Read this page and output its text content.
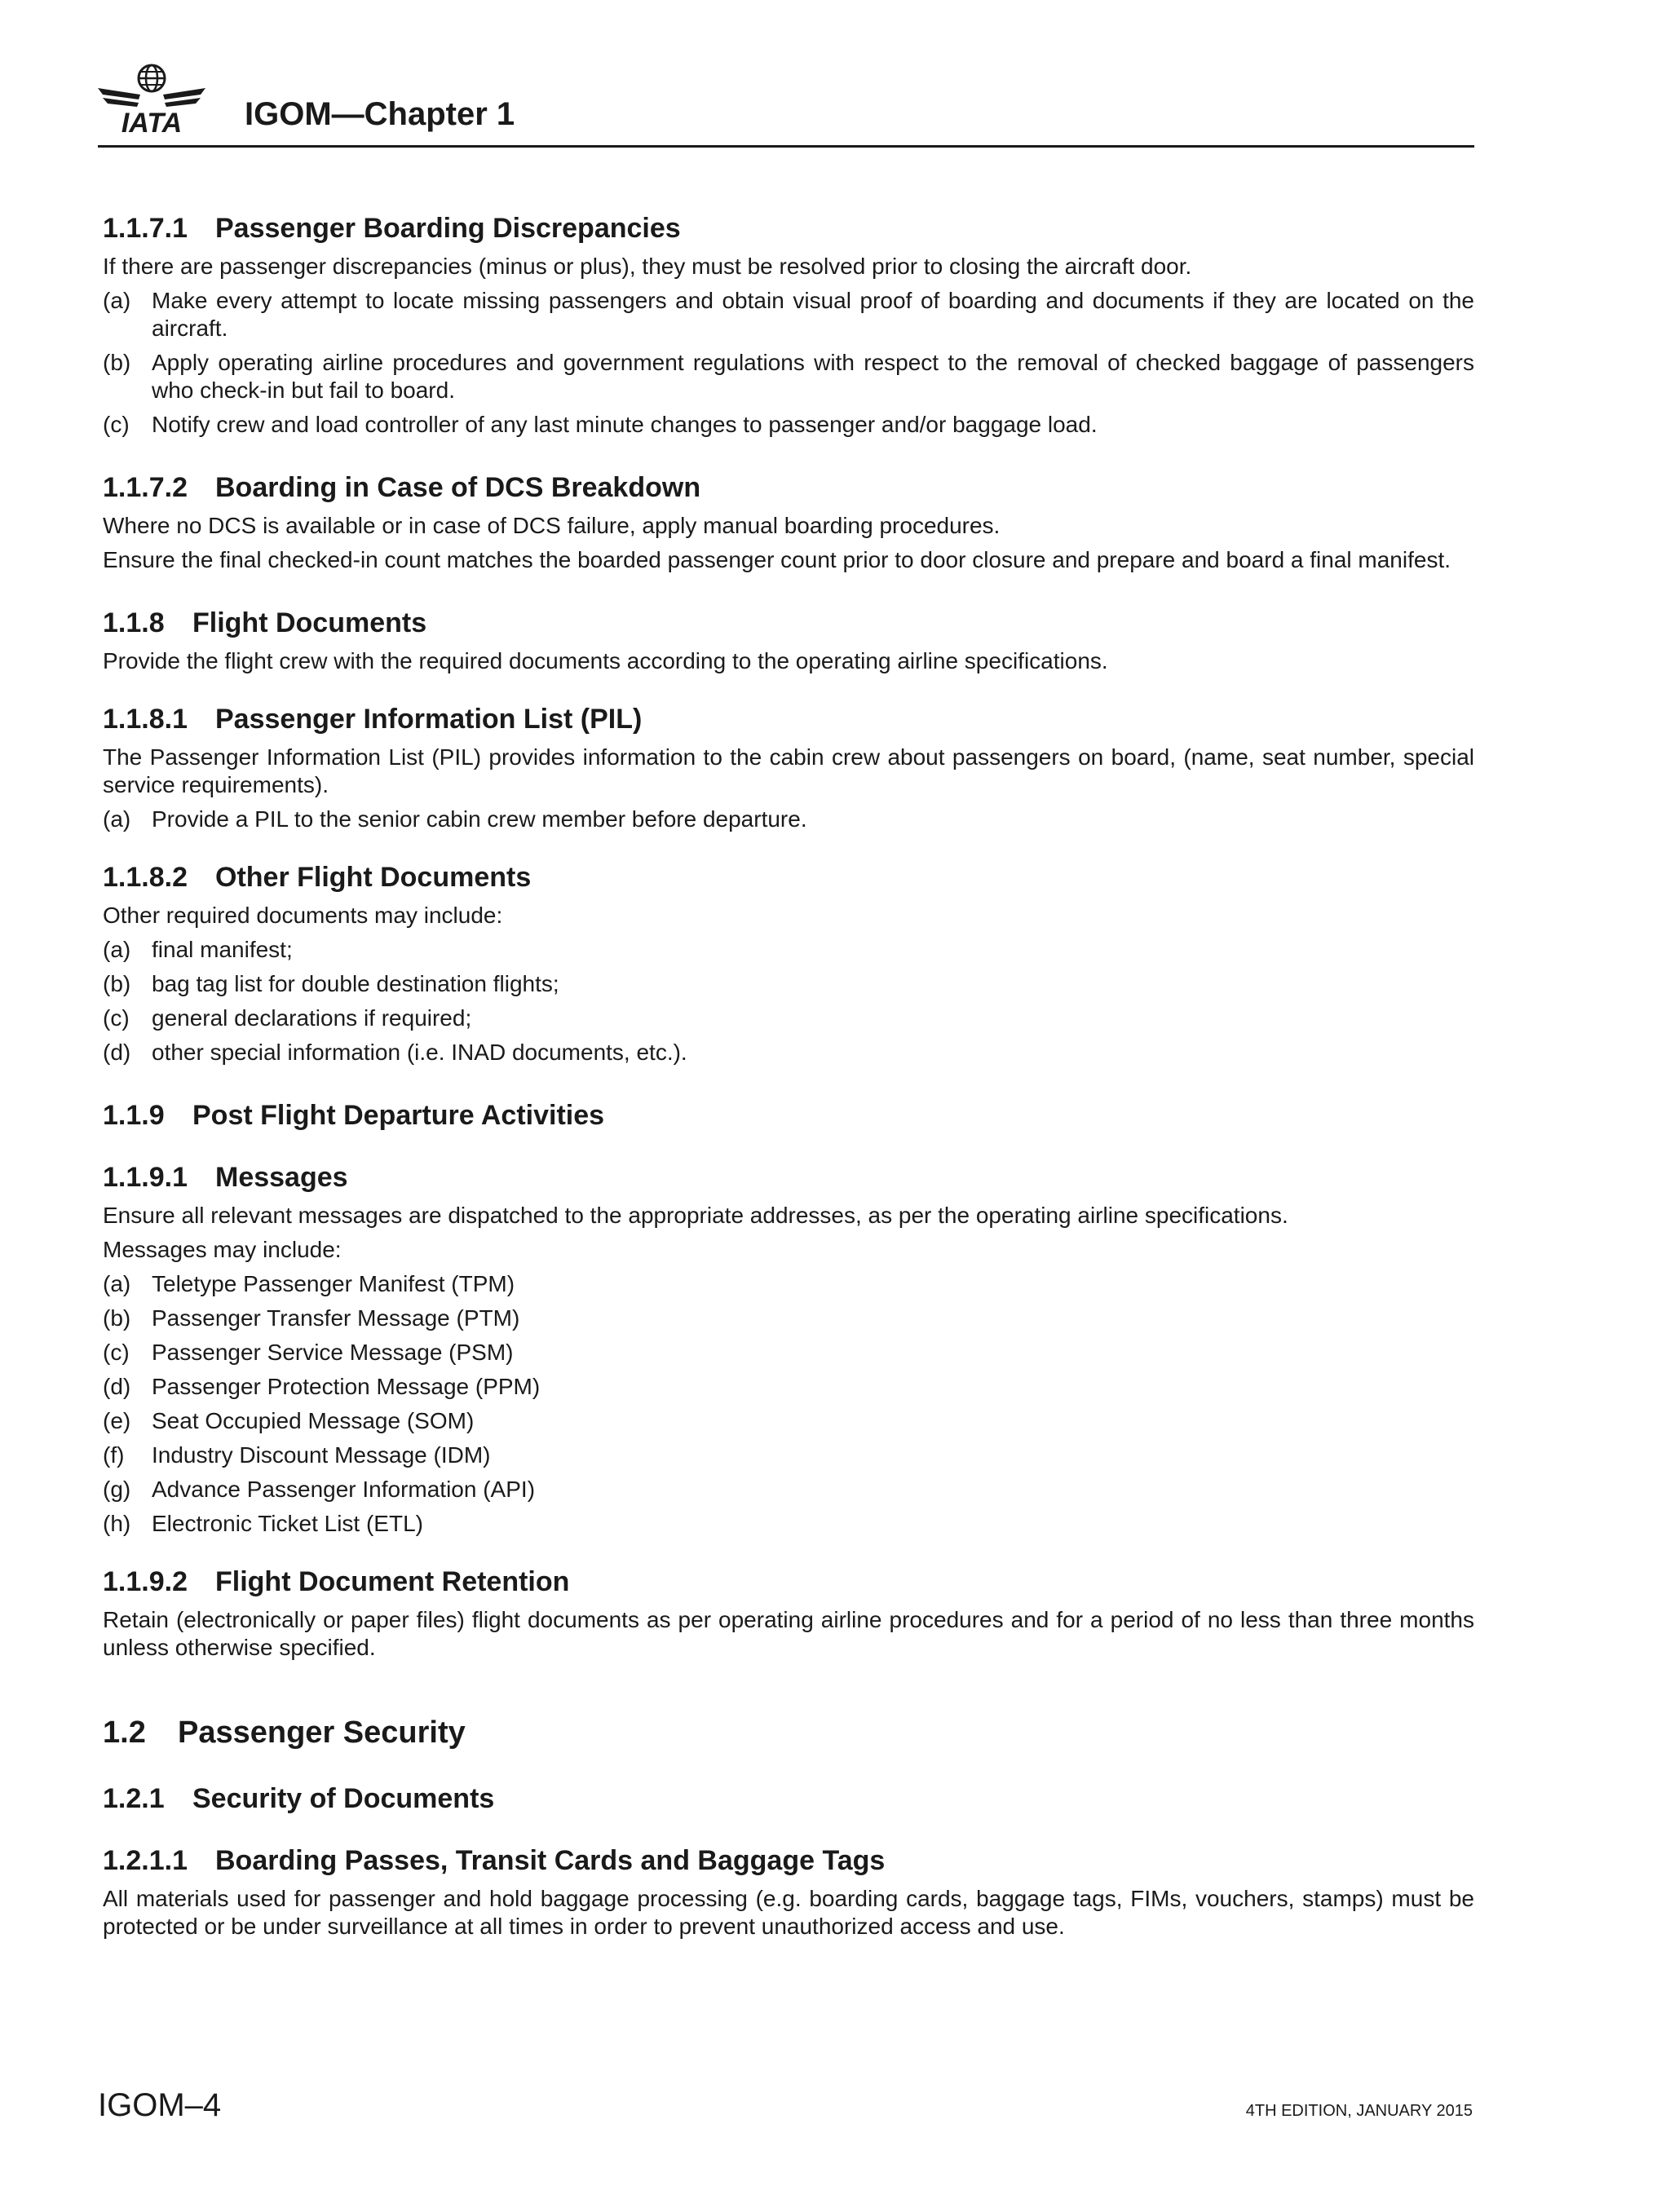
IATA IGOM—Chapter 1
1.1.7.1 Passenger Boarding Discrepancies

If there are passenger discrepancies (minus or plus), they must be resolved prior to closing the aircraft door.

(a) Make every attempt to locate missing passengers and obtain visual proof of boarding and documents if they are located on the aircraft.
(b) Apply operating airline procedures and government regulations with respect to the removal of checked baggage of passengers who check-in but fail to board.
(c) Notify crew and load controller of any last minute changes to passenger and/or baggage load.
1.1.7.2 Boarding in Case of DCS Breakdown

Where no DCS is available or in case of DCS failure, apply manual boarding procedures.

Ensure the final checked-in count matches the boarded passenger count prior to door closure and prepare and board a final manifest.

1.1.8 Flight Documents

Provide the flight crew with the required documents according to the operating airline specifications.

1.1.8.1 Passenger Information List (PIL)

The Passenger Information List (PIL) provides information to the cabin crew about passengers on board, (name, seat number, special service requirements).

(a) Provide a PIL to the senior cabin crew member before departure.
1.1.8.2 Other Flight Documents

Other required documents may include:

(a) final manifest;
(b) bag tag list for double destination flights;
(c) general declarations if required;
(d) other special information (i.e. INAD documents, etc.).
1.1.9 Post Flight Departure Activities
1.1.9.1 Messages

Ensure all relevant messages are dispatched to the appropriate addresses, as per the operating airline specifications.

Messages may include:

(a) Teletype Passenger Manifest (TPM)
(b) Passenger Transfer Message (PTM)
(c) Passenger Service Message (PSM)
(d) Passenger Protection Message (PPM)
(e) Seat Occupied Message (SOM)
(f)	Industry Discount Message (IDM)
(g) Advance Passenger Information (API)
(h) Electronic Ticket List (ETL)
1.1.9.2 Flight Document Retention

Retain (electronically or paper files) flight documents as per operating airline procedures and for a period of no less than three months unless otherwise specified.

1.2 Passenger Security
1.2.1 Security of Documents
1.2.1.1 Boarding Passes, Transit Cards and Baggage Tags

All materials used for passenger and hold baggage processing (e.g. boarding cards, baggage tags, FIMs, vouchers, stamps) must be protected or be under surveillance at all times in order to prevent unauthorized access and use.

IGOM–4	4TH EDITION, JANUARY 2015
